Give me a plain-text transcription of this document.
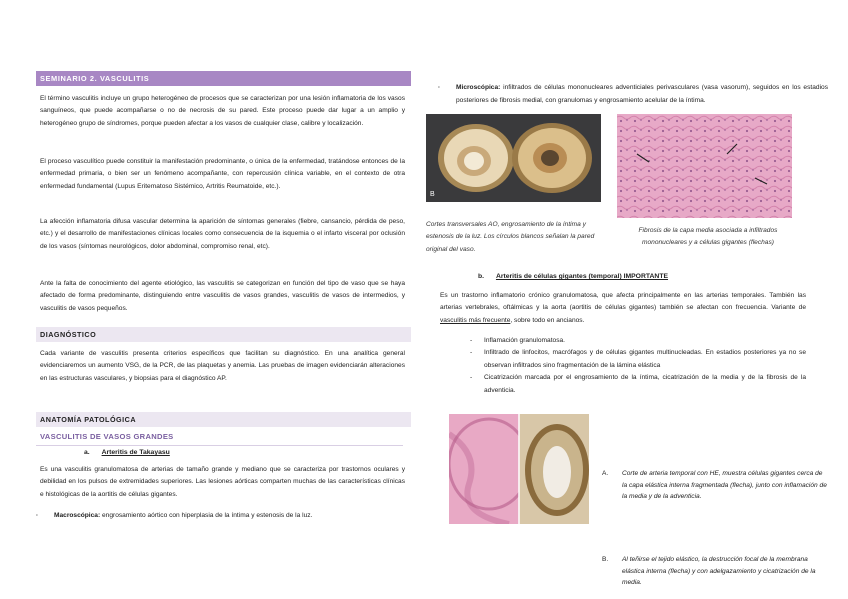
SEMINARIO 2. VASCULITIS

El término vasculitis incluye un grupo heterogéneo de procesos que se caracterizan por una lesión inflamatoria de los vasos sanguíneos, que puede acompañarse o no de necrosis de su pared. Este proceso puede dar lugar a un amplio y heterogéneo grupo de síndromes, porque pueden afectar a los vasos de cualquier clase, calibre y localización.

El proceso vasculítico puede constituir la manifestación predominante, o única de la enfermedad, tratándose entonces de la enfermedad primaria, o bien ser un fenómeno acompañante, con repercusión clínica variable, en el contexto de otra enfermedad fundamental (Lupus Eritematoso Sistémico, Artritis Reumatoide, etc.).

La afección inflamatoria difusa vascular determina la aparición de síntomas generales (fiebre, cansancio, pérdida de peso, etc.) y el desarrollo de manifestaciones clínicas locales como consecuencia de la isquemia o el infarto visceral por oclusión de los vasos (síntomas neurológicos, dolor abdominal, compromiso renal, etc).

Ante la falta de conocimiento del agente etiológico, las vasculitis se categorizan en función del tipo de vaso que se haya afectado de forma predominante, distinguiendo entre vasculitis de vasos grandes, vasculitis de vasos de intermedios, y vasculitis de vasos pequeños.

DIAGNÓSTICO

Cada variante de vasculitis presenta criterios específicos que facilitan su diagnóstico. En una analítica general evidenciaremos un aumento VSG, de la PCR, de las plaquetas y anemia. Las pruebas de imagen evidenciarán alteraciones en las estructuras vasculares, y biopsias para el diagnóstico AP.

ANATOMÍA PATOLÓGICA
VASCULITIS DE VASOS GRANDES
a. Arteritis de Takayasu

Es una vasculitis granulomatosa de arterias de tamaño grande y mediano que se caracteriza por trastornos oculares y debilidad en los pulsos de extremidades superiores. Las lesiones aórticas comparten muchas de las características clínicas e histológicas de la aortitis de células gigantes.

· Macroscópica: engrosamiento aórtico con hiperplasia de la íntima y estenosis de la luz.
· Microscópica: infiltrados de células mononucleares adventiciales perivasculares (vasa vasorum), seguidos en los estadios posteriores de fibrosis medial, con granulomas y engrosamiento acelular de la íntima.
B
Cortes transversales AO, engrosamiento de la íntima y estenosis de la luz. Los círculos blancos señalan la pared original del vaso.
Fibrosis de la capa media asociada a infiltrados mononucleares y a células gigantes (flechas)
b. Arteritis de células gigantes (temporal) IMPORTANTE

Es un trastorno inflamatorio crónico granulomatosa, que afecta principalmente en las arterias temporales. También las arterias vertebrales, oftálmicas y la aorta (aortitis de células gigantes) también se afectan con frecuencia. Variante de vasculitis más frecuente, sobre todo en ancianos.

- Inflamación granulomatosa.
- Infiltrado de linfocitos, macrófagos y de células gigantes multinucleadas. En estadios posteriores ya no se observan infiltrados sino fragmentación de la lámina elástica
- Cicatrización marcada por el engrosamiento de la íntima, cicatrización de la media y de la fibrosis de la adventicia.
A. Corte de arteria temporal con HE, muestra células gigantes cerca de la capa elástica interna fragmentada (flecha), junto con inflamación de la media y de la adventicia.
B. Al teñirse el tejido elástico, la destrucción focal de la membrana elástica interna (flecha) y con adelgazamiento y cicatrización de la media.
